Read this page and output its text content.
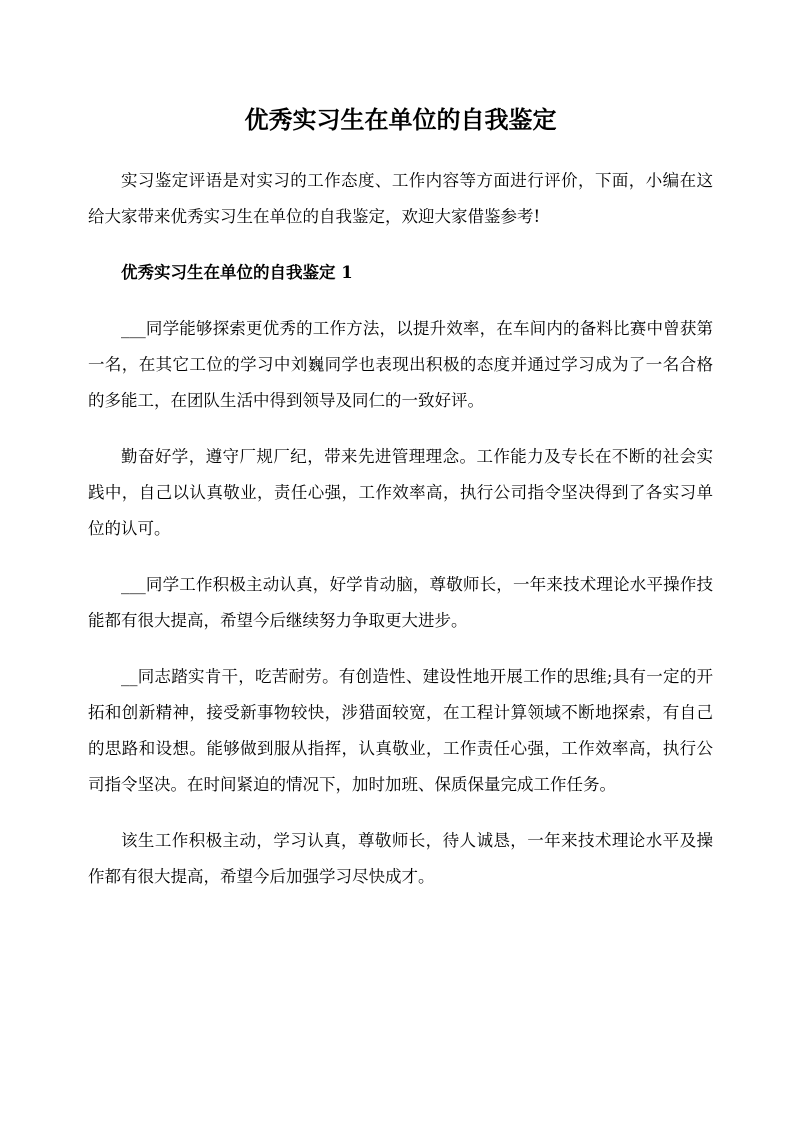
优秀实习生在单位的自我鉴定

实习鉴定评语是对实习的工作态度、工作内容等方面进行评价，下面，小编在这给大家带来优秀实习生在单位的自我鉴定，欢迎大家借鉴参考!

优秀实习生在单位的自我鉴定 1

___同学能够探索更优秀的工作方法，以提升效率，在车间内的备料比赛中曾获第一名，在其它工位的学习中刘巍同学也表现出积极的态度并通过学习成为了一名合格的多能工，在团队生活中得到领导及同仁的一致好评。

勤奋好学，遵守厂规厂纪，带来先进管理理念。工作能力及专长在不断的社会实践中，自己以认真敬业，责任心强，工作效率高，执行公司指令坚决得到了各实习单位的认可。

___同学工作积极主动认真，好学肯动脑，尊敬师长，一年来技术理论水平操作技能都有很大提高，希望今后继续努力争取更大进步。

__同志踏实肯干，吃苦耐劳。有创造性、建设性地开展工作的思维;具有一定的开拓和创新精神，接受新事物较快，涉猎面较宽，在工程计算领域不断地探索，有自己的思路和设想。能够做到服从指挥，认真敬业，工作责任心强，工作效率高，执行公司指令坚决。在时间紧迫的情况下，加时加班、保质保量完成工作任务。

该生工作积极主动，学习认真，尊敬师长，待人诚恳，一年来技术理论水平及操作都有很大提高，希望今后加强学习尽快成才。
